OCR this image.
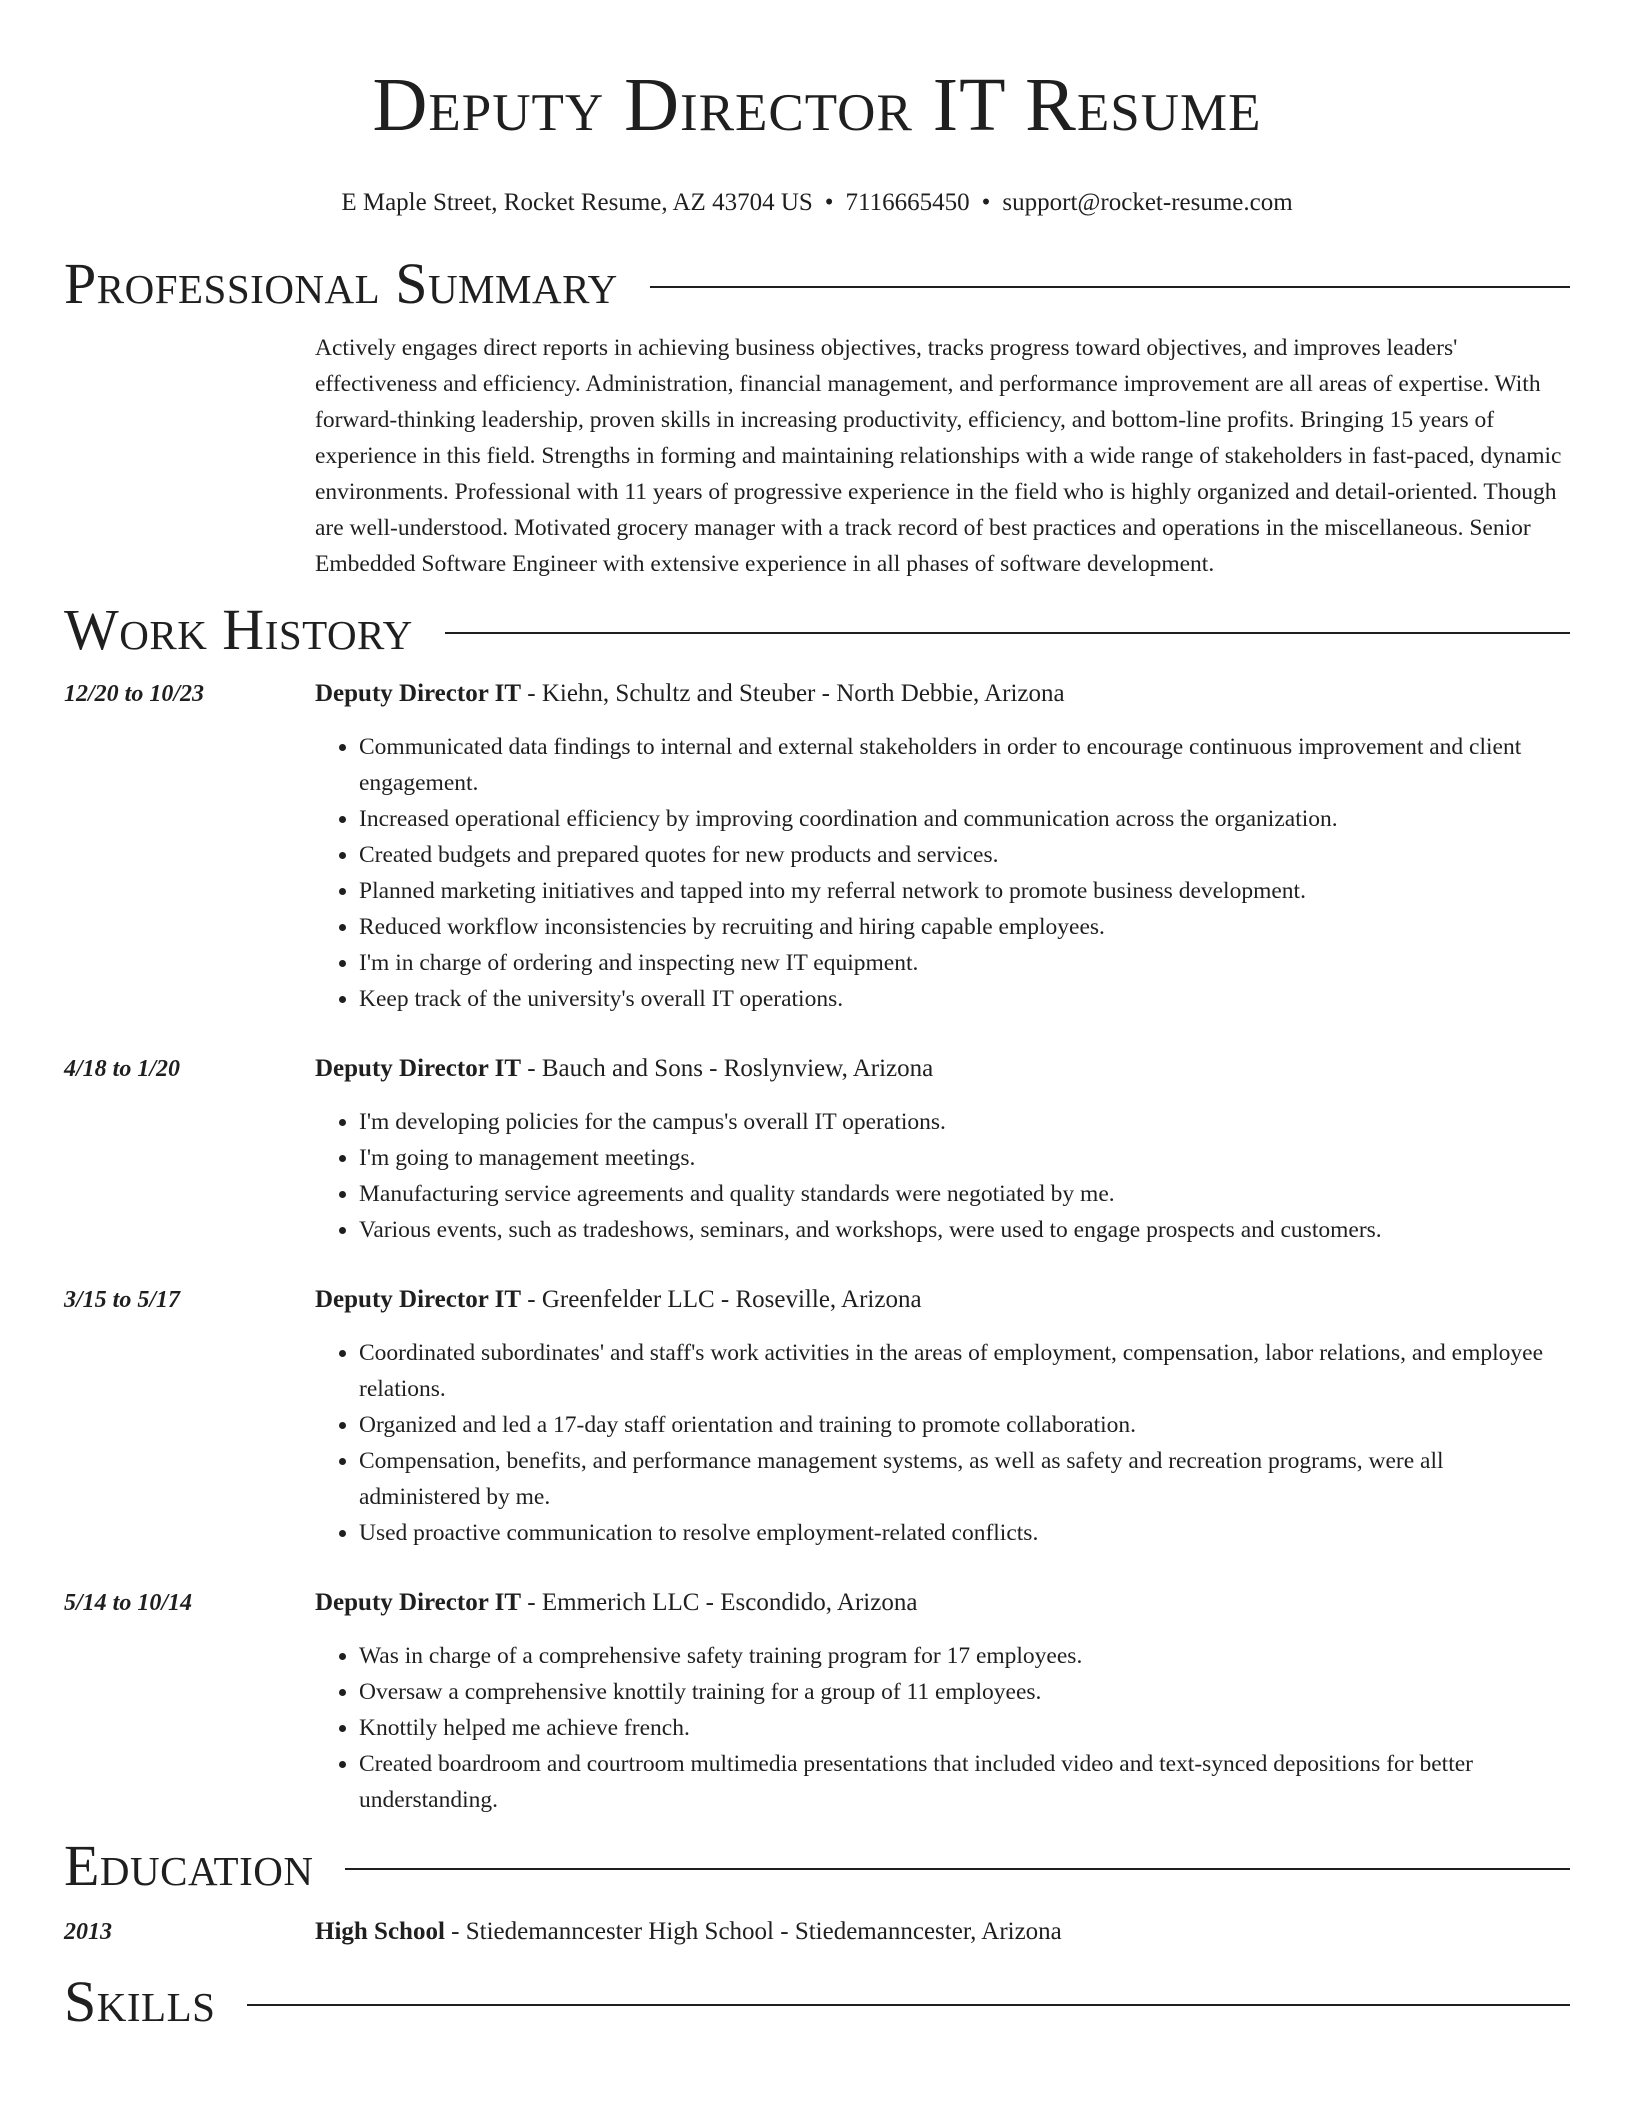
Deputy Director IT Resume
E Maple Street, Rocket Resume, AZ 43704 US • 7116665450 • support@rocket-resume.com
Professional Summary

Actively engages direct reports in achieving business objectives, tracks progress toward objectives, and improves leaders' effectiveness and efficiency. Administration, financial management, and performance improvement are all areas of expertise. With forward-thinking leadership, proven skills in increasing productivity, efficiency, and bottom-line profits. Bringing 15 years of experience in this field. Strengths in forming and maintaining relationships with a wide range of stakeholders in fast-paced, dynamic environments. Professional with 11 years of progressive experience in the field who is highly organized and detail-oriented. Though are well-understood. Motivated grocery manager with a track record of best practices and operations in the miscellaneous. Senior Embedded Software Engineer with extensive experience in all phases of software development.

Work History
12/20 to 10/23	Deputy Director IT - Kiehn, Schultz and Steuber - North Debbie, Arizona
• Communicated data findings to internal and external stakeholders in order to encourage continuous improvement and client engagement.
• Increased operational efficiency by improving coordination and communication across the organization.
• Created budgets and prepared quotes for new products and services.
• Planned marketing initiatives and tapped into my referral network to promote business development.
• Reduced workflow inconsistencies by recruiting and hiring capable employees.
• I'm in charge of ordering and inspecting new IT equipment.
• Keep track of the university's overall IT operations.
4/18 to 1/20	Deputy Director IT - Bauch and Sons - Roslynview, Arizona
• I'm developing policies for the campus's overall IT operations.
• I'm going to management meetings.
• Manufacturing service agreements and quality standards were negotiated by me.
• Various events, such as tradeshows, seminars, and workshops, were used to engage prospects and customers.
3/15 to 5/17	Deputy Director IT - Greenfelder LLC - Roseville, Arizona
• Coordinated subordinates' and staff's work activities in the areas of employment, compensation, labor relations, and employee relations.
• Organized and led a 17-day staff orientation and training to promote collaboration.
• Compensation, benefits, and performance management systems, as well as safety and recreation programs, were all administered by me.
• Used proactive communication to resolve employment-related conflicts.
5/14 to 10/14	Deputy Director IT - Emmerich LLC - Escondido, Arizona
• Was in charge of a comprehensive safety training program for 17 employees.
• Oversaw a comprehensive knottily training for a group of 11 employees.
• Knottily helped me achieve french.
• Created boardroom and courtroom multimedia presentations that included video and text-synced depositions for better understanding.
Education
2013	High School - Stiedemanncester High School - Stiedemanncester, Arizona
Skills
